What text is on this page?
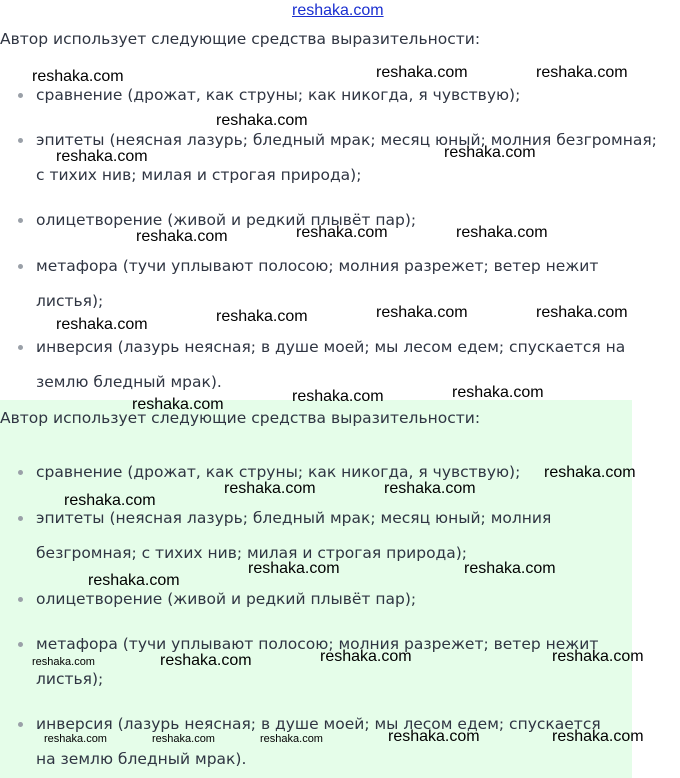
reshaka.com
Автор использует следующие средства выразительности:
сравнение (дрожат, как струны; как никогда, я чувствую);
эпитеты (неясная лазурь; бледный мрак; месяц юный; молния безгромная;
с тихих нив; милая и строгая природа);
олицетворение (живой и редкий плывёт пар);
метафора (тучи уплывают полосою; молния разрежет; ветер нежит
листья);
инверсия (лазурь неясная; в душе моей; мы лесом едем; спускается на
землю бледный мрак).
Автор использует следующие средства выразительности:
сравнение (дрожат, как струны; как никогда, я чувствую);
эпитеты (неясная лазурь; бледный мрак; месяц юный; молния
безгромная; с тихих нив; милая и строгая природа);
олицетворение (живой и редкий плывёт пар);
метафора (тучи уплывают полосою; молния разрежет; ветер нежит
листья);
инверсия (лазурь неясная; в душе моей; мы лесом едем; спускается
на землю бледный мрак).
reshaka.com	reshaka.com	reshaka.com
reshaka.com
reshaka.com	reshaka.com
reshaka.com	reshaka.com	reshaka.com
reshaka.com	reshaka.com	reshaka.com	reshaka.com
reshaka.com	reshaka.com
reshaka.com
reshaka.com
reshaka.com	reshaka.com
reshaka.com
reshaka.com	reshaka.com
reshaka.com
reshaka.com	reshaka.com
reshaka.com
reshaka.com
reshaka.com	reshaka.com
reshaka.com	reshaka.com	reshaka.com
